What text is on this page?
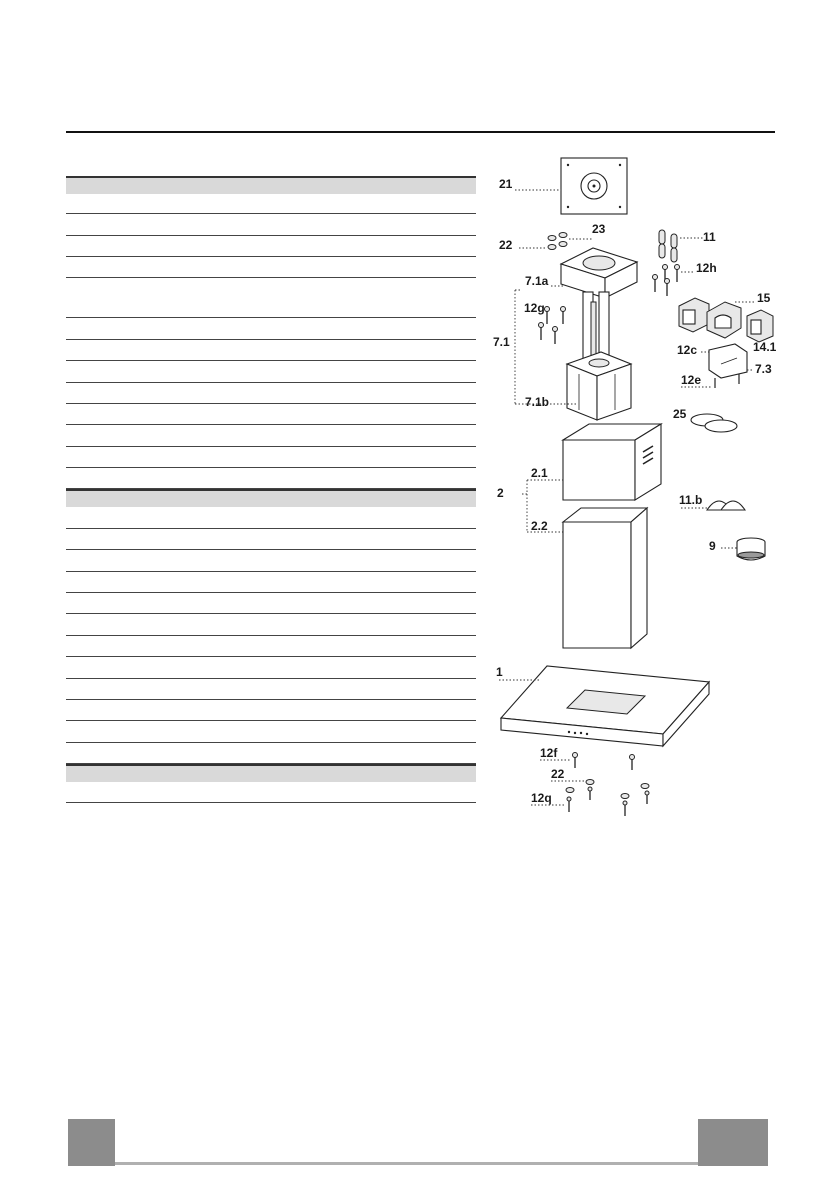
21
23
22
7.1a
12g
7.1
7.1b
11
12h
15
14.1
12c
7.3
12e
25
2.1
2
2.2
11.b
9
1
12f
22
12q
